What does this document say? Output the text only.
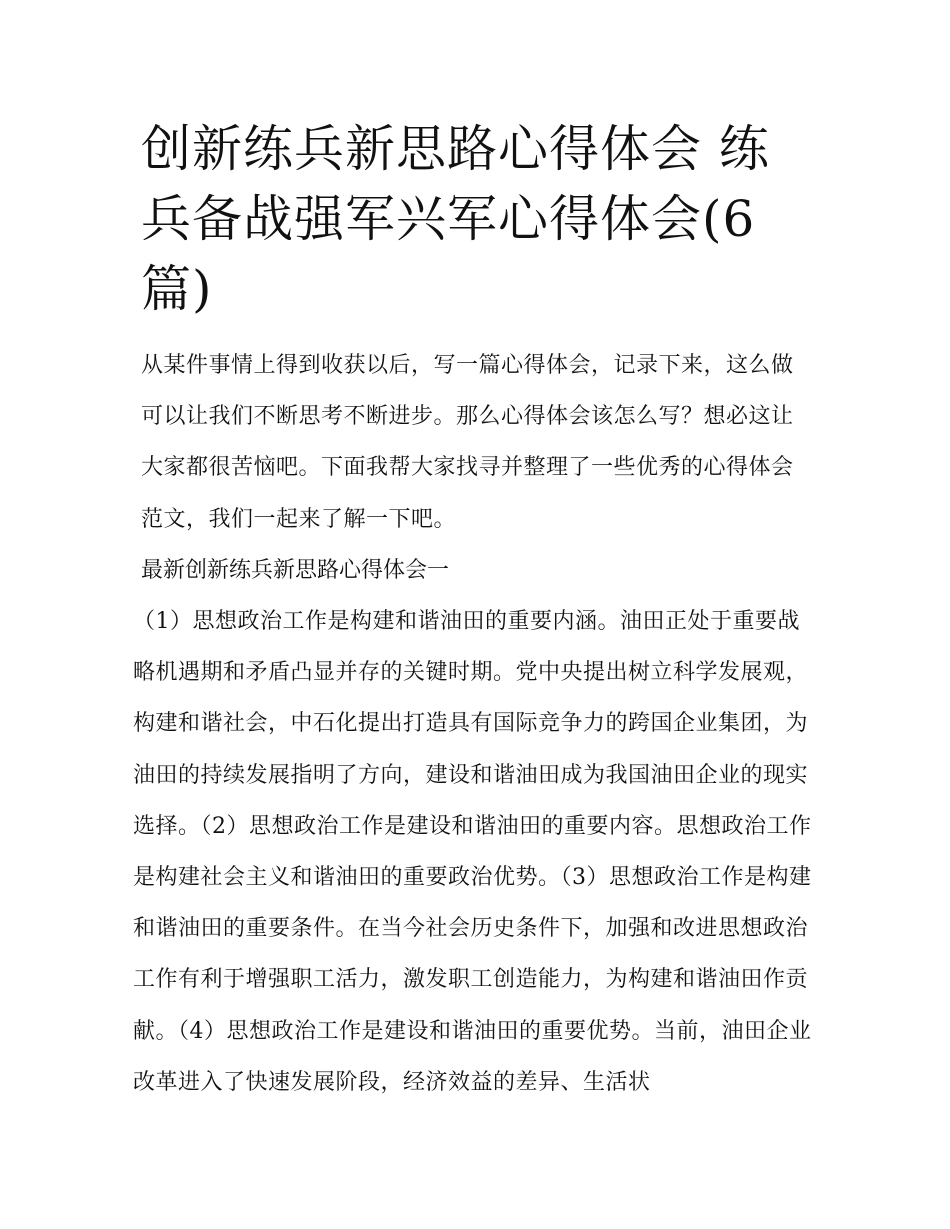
创新练兵新思路心得体会 练兵备战强军兴军心得体会(6篇)

从某件事情上得到收获以后，写一篇心得体会，记录下来，这么做可以让我们不断思考不断进步。那么心得体会该怎么写？想必这让大家都很苦恼吧。下面我帮大家找寻并整理了一些优秀的心得体会范文，我们一起来了解一下吧。

最新创新练兵新思路心得体会一

（1）思想政治工作是构建和谐油田的重要内涵。油田正处于重要战略机遇期和矛盾凸显并存的关键时期。党中央提出树立科学发展观，构建和谐社会，中石化提出打造具有国际竞争力的跨国企业集团，为油田的持续发展指明了方向，建设和谐油田成为我国油田企业的现实选择。（2）思想政治工作是建设和谐油田的重要内容。思想政治工作是构建社会主义和谐油田的重要政治优势。（3）思想政治工作是构建和谐油田的重要条件。在当今社会历史条件下，加强和改进思想政治工作有利于增强职工活力，激发职工创造能力，为构建和谐油田作贡献。（4）思想政治工作是建设和谐油田的重要优势。当前，油田企业改革进入了快速发展阶段，经济效益的差异、生活状
